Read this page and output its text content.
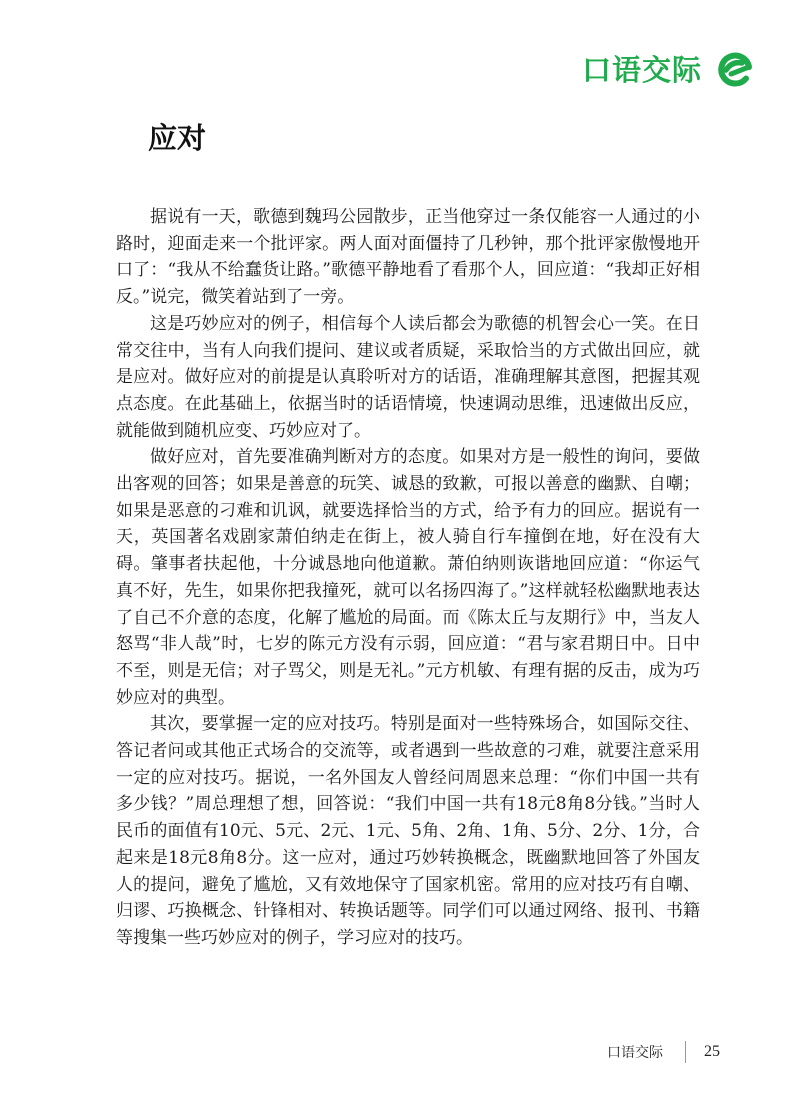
口语交际
应对

据说有一天，歌德到魏玛公园散步，正当他穿过一条仅能容一人通过的小路时，迎面走来一个批评家。两人面对面僵持了几秒钟，那个批评家傲慢地开口了：“我从不给蠢货让路。”歌德平静地看了看那个人，回应道：“我却正好相反。”说完，微笑着站到了一旁。

这是巧妙应对的例子，相信每个人读后都会为歌德的机智会心一笑。在日常交往中，当有人向我们提问、建议或者质疑，采取恰当的方式做出回应，就是应对。做好应对的前提是认真聆听对方的话语，准确理解其意图，把握其观点态度。在此基础上，依据当时的话语情境，快速调动思维，迅速做出反应，就能做到随机应变、巧妙应对了。

做好应对，首先要准确判断对方的态度。如果对方是一般性的询问，要做出客观的回答；如果是善意的玩笑、诚恳的致歉，可报以善意的幽默、自嘲；如果是恶意的刁难和讥讽，就要选择恰当的方式，给予有力的回应。据说有一天，英国著名戏剧家萧伯纳走在街上，被人骑自行车撞倒在地，好在没有大碍。肇事者扶起他，十分诚恳地向他道歉。萧伯纳则诙谐地回应道：“你运气真不好，先生，如果你把我撞死，就可以名扬四海了。”这样就轻松幽默地表达了自己不介意的态度，化解了尴尬的局面。而《陈太丘与友期行》中，当友人怒骂“非人哉”时，七岁的陈元方没有示弱，回应道：“君与家君期日中。日中不至，则是无信；对子骂父，则是无礼。”元方机敏、有理有据的反击，成为巧妙应对的典型。

其次，要掌握一定的应对技巧。特别是面对一些特殊场合，如国际交往、答记者问或其他正式场合的交流等，或者遇到一些故意的刁难，就要注意采用一定的应对技巧。据说，一名外国友人曾经问周恩来总理：“你们中国一共有多少钱？”周总理想了想，回答说：“我们中国一共有18元8角8分钱。”当时人民币的面值有10元、5元、2元、1元、5角、2角、1角、5分、2分、1分，合起来是18元8角8分。这一应对，通过巧妙转换概念，既幽默地回答了外国友人的提问，避免了尴尬，又有效地保守了国家机密。常用的应对技巧有自嘲、归谬、巧换概念、针锋相对、转换话题等。同学们可以通过网络、报刊、书籍等搜集一些巧妙应对的例子，学习应对的技巧。

口语交际	25
